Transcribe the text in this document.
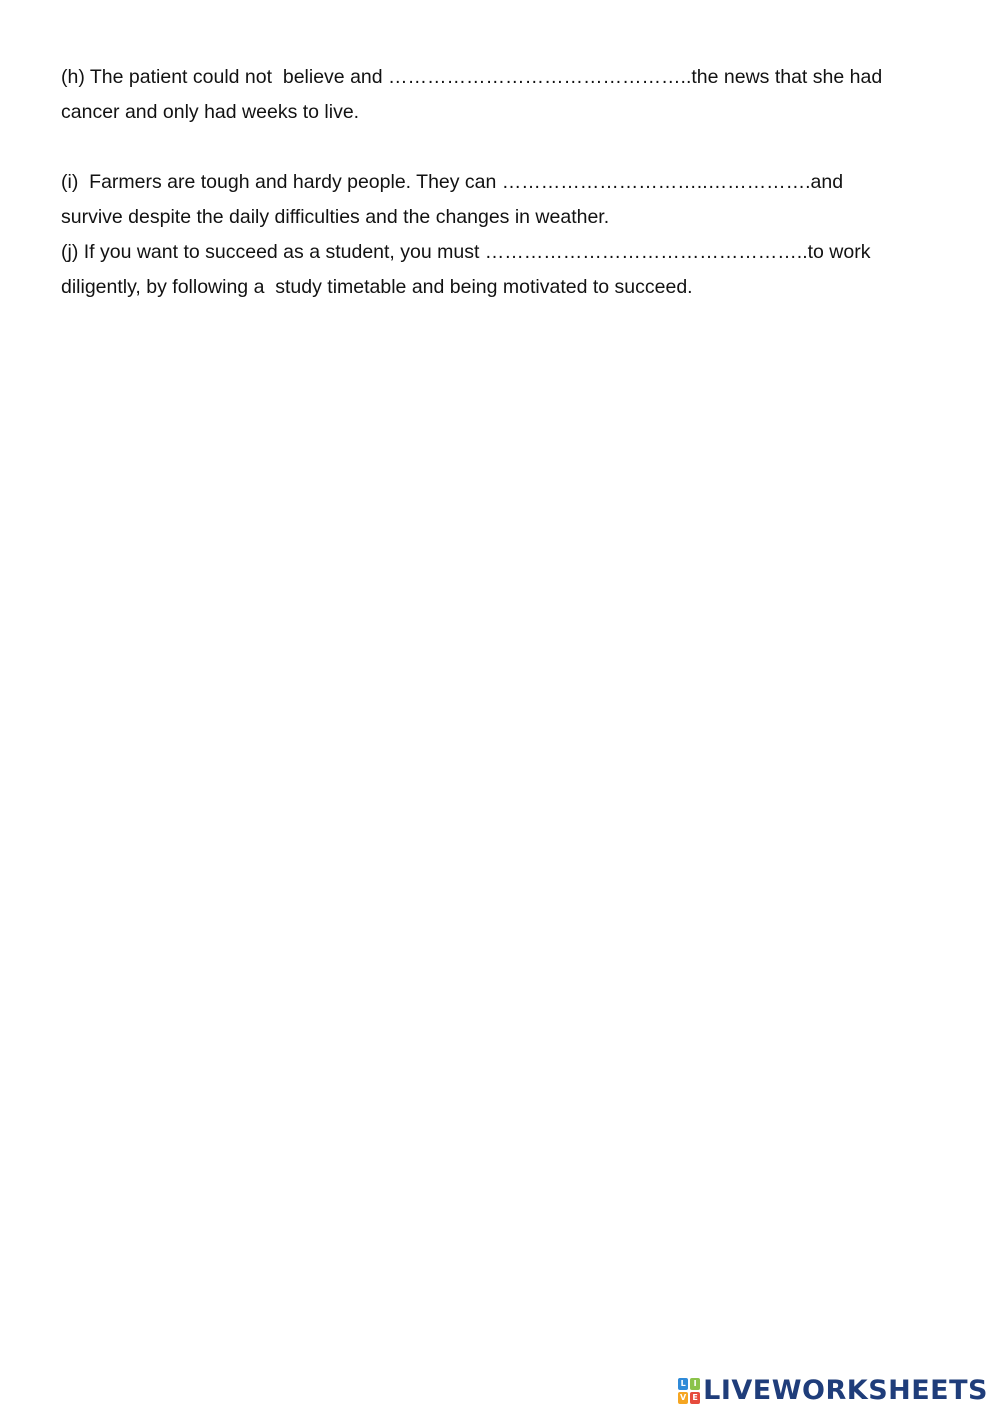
(h) The patient could not  believe and ………………………………………..the news that she had
cancer and only had weeks to live.
(i)  Farmers are tough and hardy people. They can …………………………..…………….and
survive despite the daily difficulties and the changes in weather.
(j) If you want to succeed as a student, you must …………………………………………..to work
diligently, by following a  study timetable and being motivated to succeed.
L I
V E LIVEWORKSHEETS
